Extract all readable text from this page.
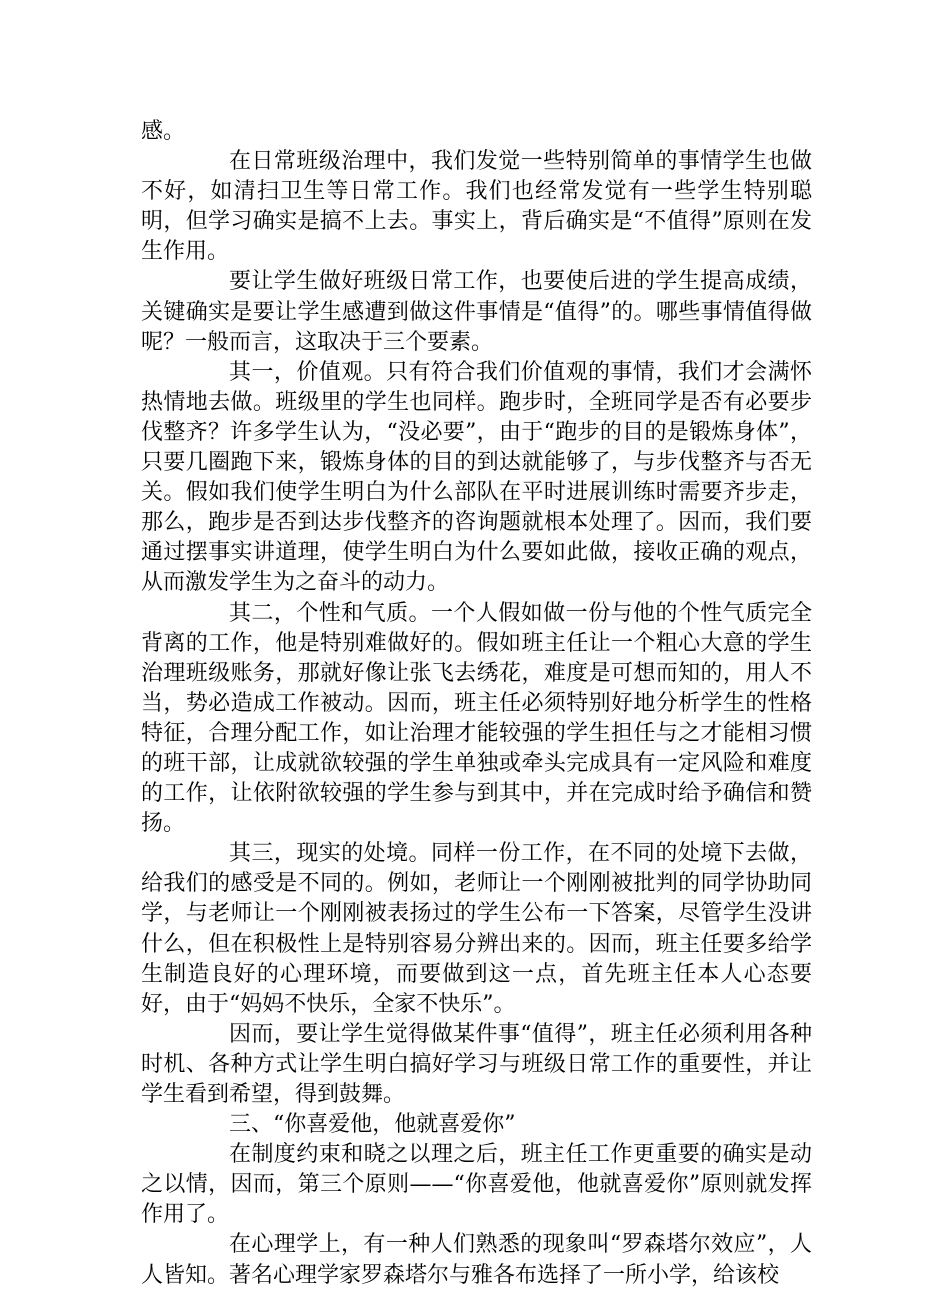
感。

在日常班级治理中，我们发觉一些特别简单的事情学生也做不好，如清扫卫生等日常工作。我们也经常发觉有一些学生特别聪明，但学习确实是搞不上去。事实上，背后确实是“不值得”原则在发生作用。

要让学生做好班级日常工作，也要使后进的学生提高成绩，关键确实是要让学生感遭到做这件事情是“值得”的。哪些事情值得做呢？一般而言，这取决于三个要素。

其一，价值观。只有符合我们价值观的事情，我们才会满怀热情地去做。班级里的学生也同样。跑步时，全班同学是否有必要步伐整齐？许多学生认为，“没必要”，由于“跑步的目的是锻炼身体”，只要几圈跑下来，锻炼身体的目的到达就能够了，与步伐整齐与否无关。假如我们使学生明白为什么部队在平时进展训练时需要齐步走，那么，跑步是否到达步伐整齐的咨询题就根本处理了。因而，我们要通过摆事实讲道理，使学生明白为什么要如此做，接收正确的观点，从而激发学生为之奋斗的动力。

其二，个性和气质。一个人假如做一份与他的个性气质完全背离的工作，他是特别难做好的。假如班主任让一个粗心大意的学生治理班级账务，那就好像让张飞去绣花，难度是可想而知的，用人不当，势必造成工作被动。因而，班主任必须特别好地分析学生的性格特征，合理分配工作，如让治理才能较强的学生担任与之才能相习惯的班干部，让成就欲较强的学生单独或牵头完成具有一定风险和难度的工作，让依附欲较强的学生参与到其中，并在完成时给予确信和赞扬。

其三，现实的处境。同样一份工作，在不同的处境下去做，给我们的感受是不同的。例如，老师让一个刚刚被批判的同学协助同学，与老师让一个刚刚被表扬过的学生公布一下答案，尽管学生没讲什么，但在积极性上是特别容易分辨出来的。因而，班主任要多给学生制造良好的心理环境，而要做到这一点，首先班主任本人心态要好，由于“妈妈不快乐，全家不快乐”。

因而，要让学生觉得做某件事“值得”，班主任必须利用各种时机、各种方式让学生明白搞好学习与班级日常工作的重要性，并让学生看到希望，得到鼓舞。

三、“你喜爱他，他就喜爱你”

在制度约束和晓之以理之后，班主任工作更重要的确实是动之以情，因而，第三个原则——“你喜爱他，他就喜爱你”原则就发挥作用了。

在心理学上，有一种人们熟悉的现象叫“罗森塔尔效应”，人人皆知。著名心理学家罗森塔尔与雅各布选择了一所小学，给该校
